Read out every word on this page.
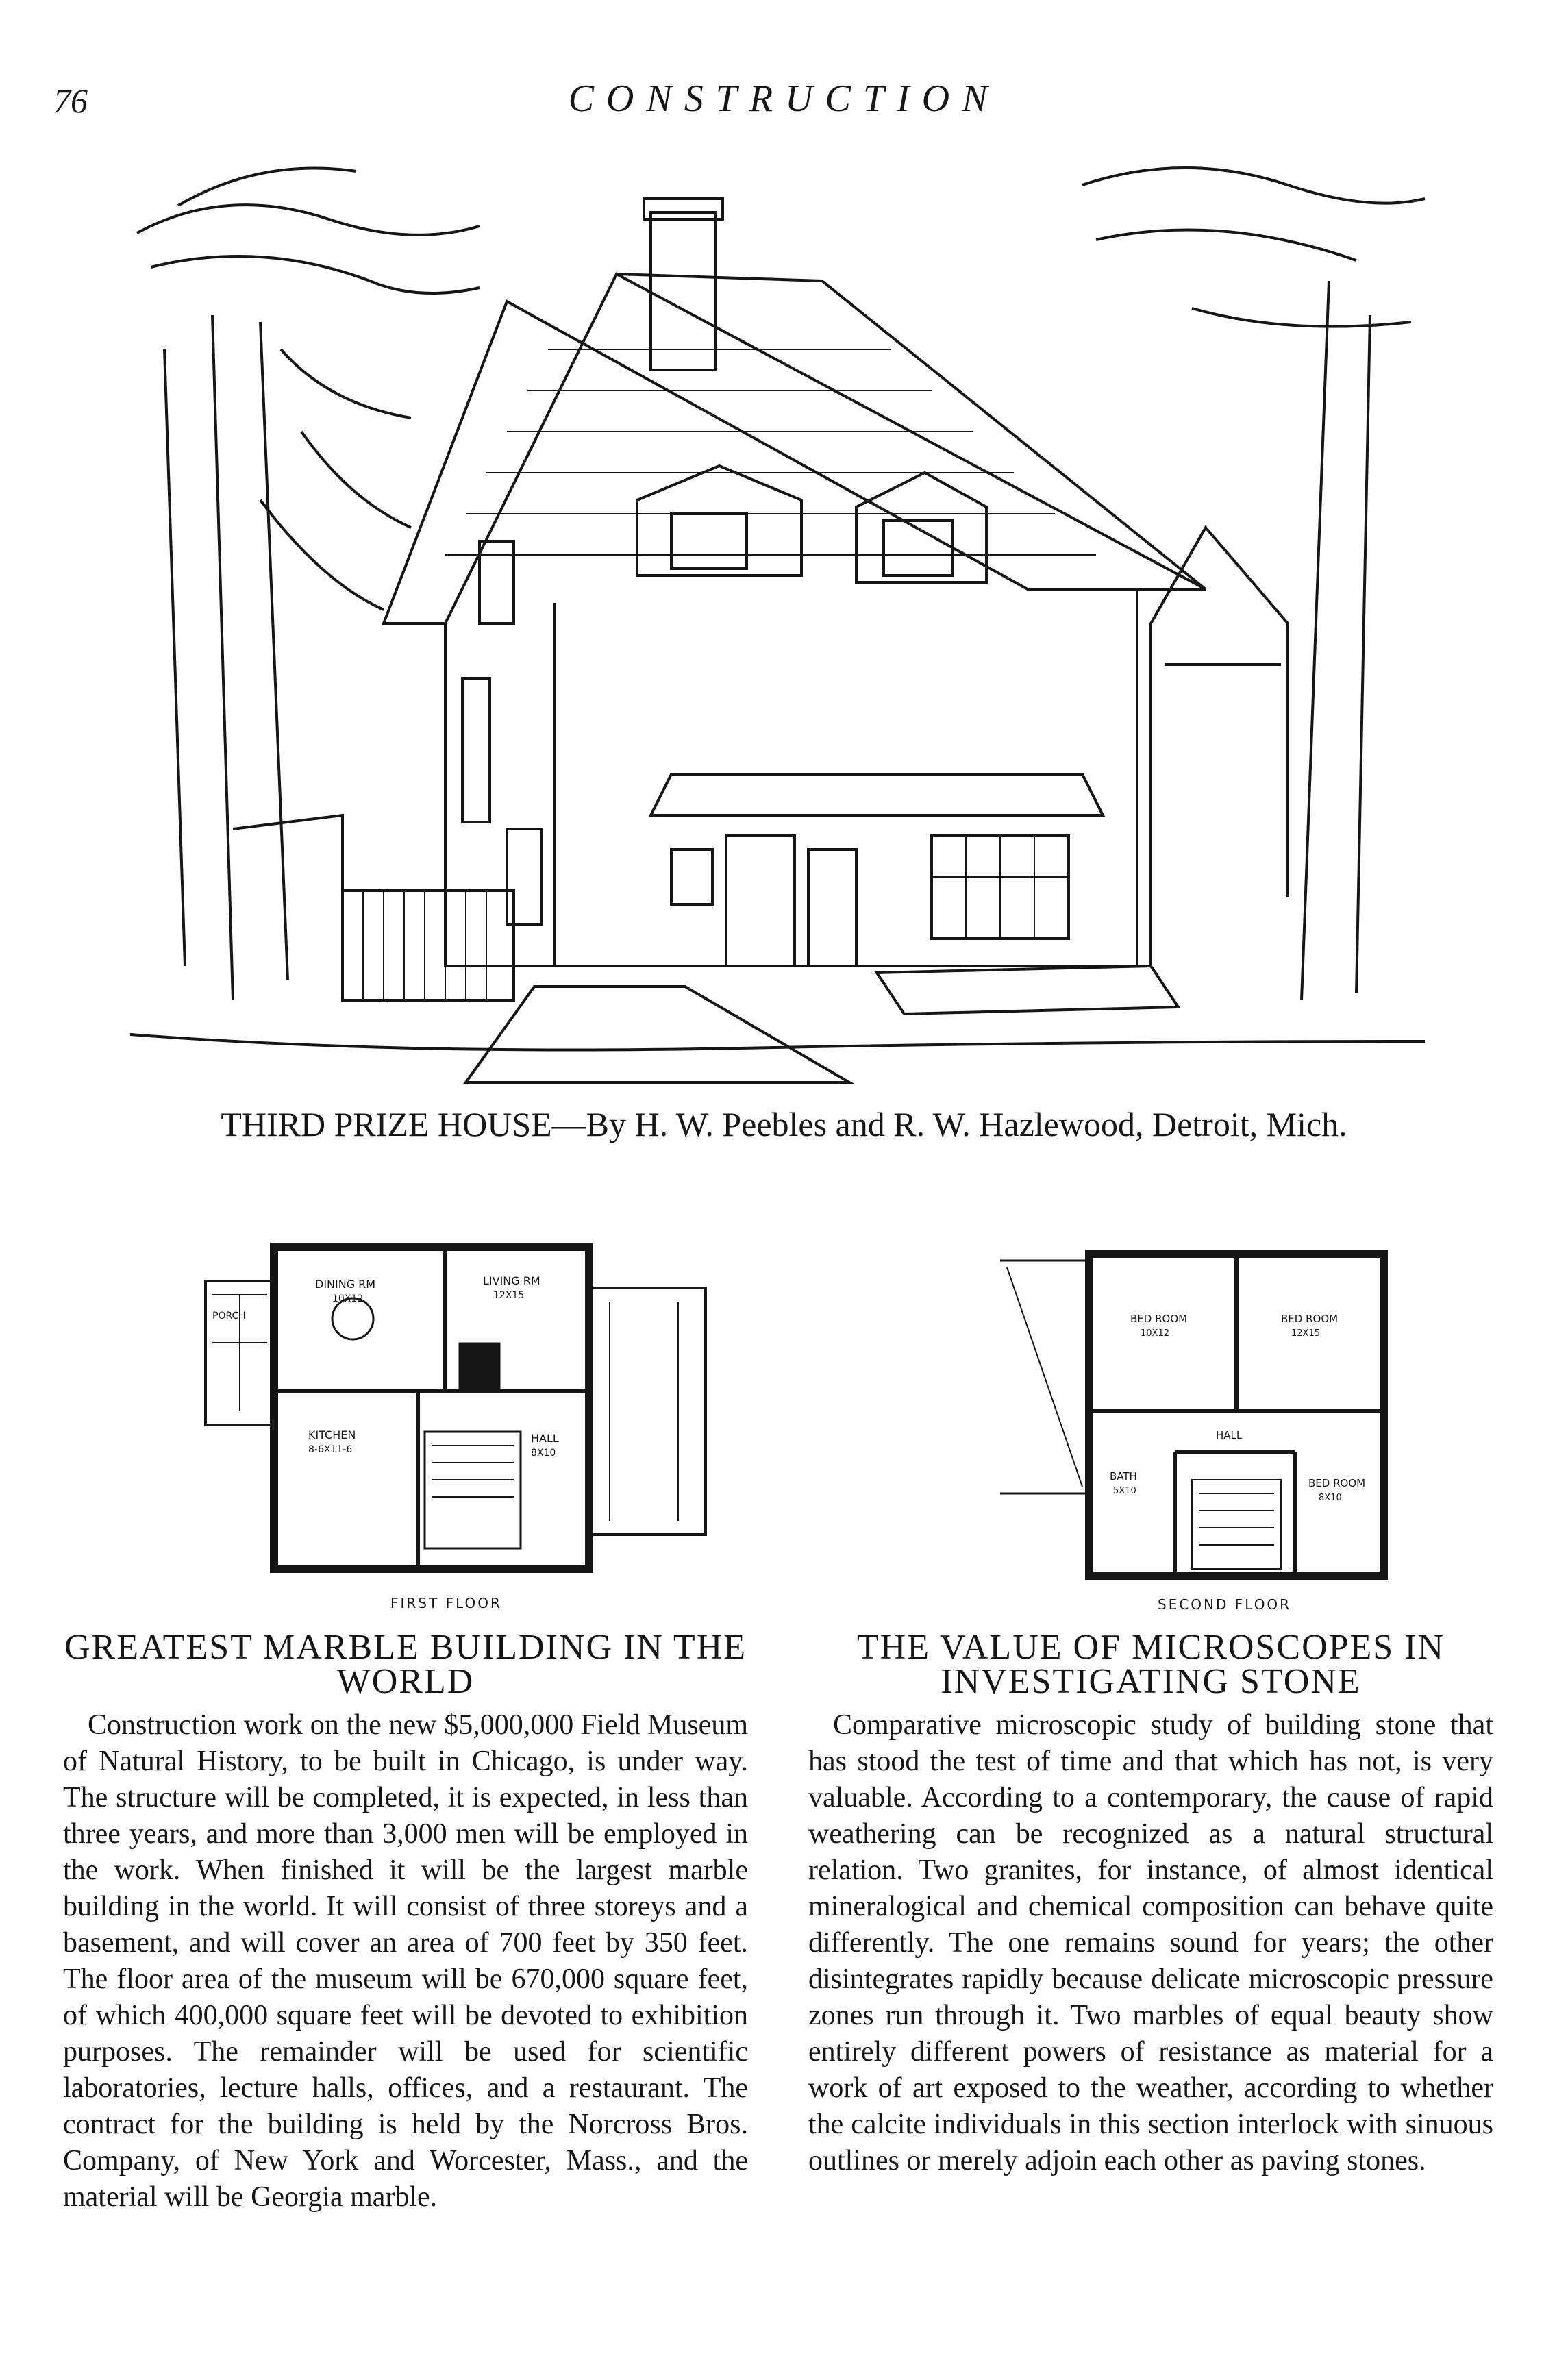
76	CONSTRUCTION
THIRD PRIZE HOUSE—By H. W. Peebles and R. W. Hazlewood, Detroit, Mich.
DINING RM
10X12
LIVING RM
12X15
KITCHEN
8-6X11-6
HALL
8X10
PORCH
FIRST FLOOR
BED ROOM
10X12
BED ROOM
12X15
HALL
BATH
5X10
BED ROOM
8X10
SECOND FLOOR
GREATEST MARBLE BUILDING IN THE WORLD

Construction work on the new $5,000,000 Field Museum of Natural History, to be built in Chicago, is under way. The structure will be completed, it is expected, in less than three years, and more than 3,000 men will be employed in the work. When finished it will be the largest marble building in the world. It will consist of three storeys and a basement, and will cover an area of 700 feet by 350 feet. The floor area of the museum will be 670,000 square feet, of which 400,000 square feet will be devoted to exhibition purposes. The remainder will be used for scientific laboratories, lecture halls, offices, and a restaurant. The contract for the building is held by the Norcross Bros. Company, of New York and Worcester, Mass., and the material will be Georgia marble.

THE VALUE OF MICROSCOPES IN INVESTIGATING STONE

Comparative microscopic study of building stone that has stood the test of time and that which has not, is very valuable. According to a contemporary, the cause of rapid weathering can be recognized as a natural structural relation. Two granites, for instance, of almost identical mineralogical and chemical composition can behave quite differently. The one remains sound for years; the other disintegrates rapidly because delicate microscopic pressure zones run through it. Two marbles of equal beauty show entirely different powers of resistance as material for a work of art exposed to the weather, according to whether the calcite individuals in this section interlock with sinuous outlines or merely adjoin each other as paving stones.
